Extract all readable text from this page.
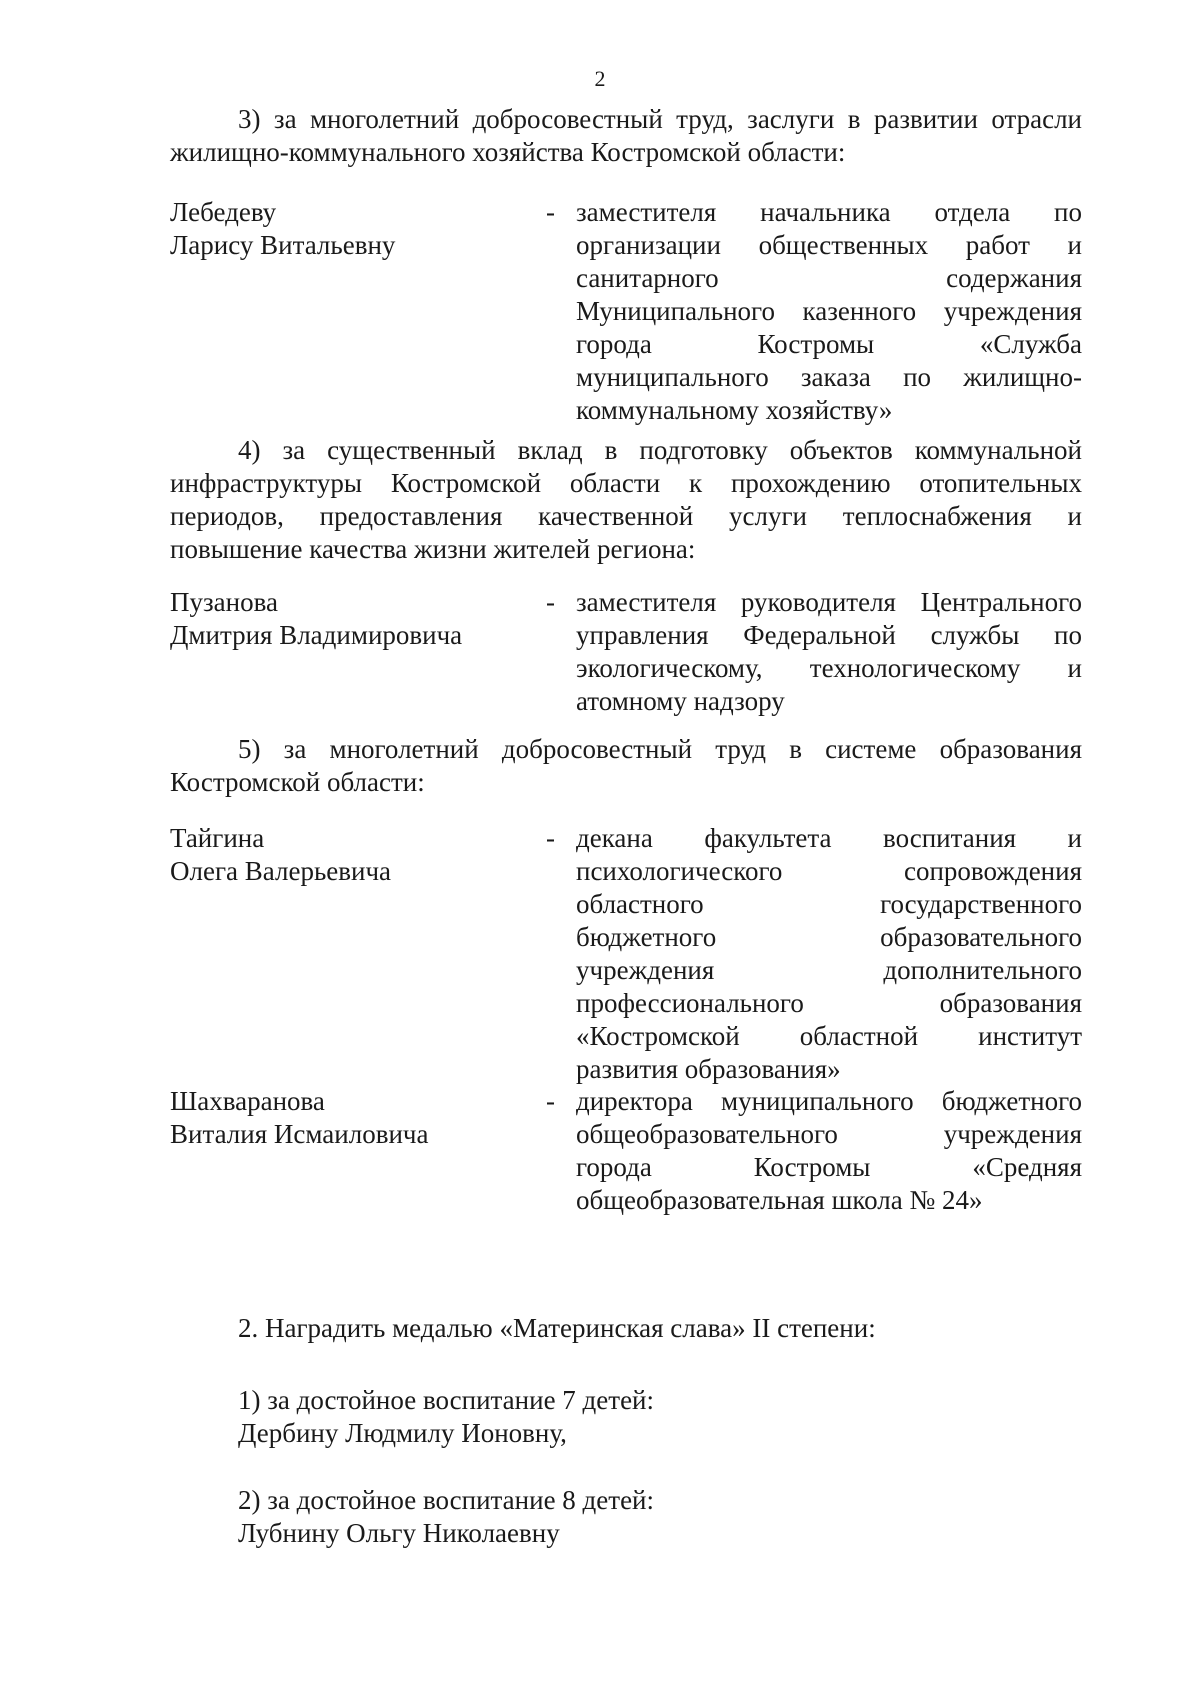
2
3) за многолетний добросовестный труд, заслуги в развитии отрасли
жилищно-коммунального хозяйства Костромской области:
Лебедеву
Ларису Витальевну
- заместителя начальника отдела по
организации общественных работ и
санитарного содержания
Муниципального казенного учреждения
города Костромы «Служба
муниципального заказа по жилищно-
коммунальному хозяйству»
4) за существенный вклад в подготовку объектов коммунальной
инфраструктуры Костромской области к прохождению отопительных
периодов, предоставления качественной услуги теплоснабжения и
повышение качества жизни жителей региона:
Пузанова
Дмитрия Владимировича
- заместителя руководителя Центрального
управления Федеральной службы по
экологическому, технологическому и
атомному надзору
5) за многолетний добросовестный труд в системе образования
Костромской области:
Тайгина
Олега Валерьевича
- декана факультета воспитания и
психологического сопровождения
областного государственного
бюджетного образовательного
учреждения дополнительного
профессионального образования
«Костромской областной институт
развития образования»
Шахваранова
Виталия Исмаиловича
- директора муниципального бюджетного
общеобразовательного учреждения
города Костромы «Средняя
общеобразовательная школа № 24»
2. Наградить медалью «Материнская слава» II степени:
1) за достойное воспитание 7 детей:
Дербину Людмилу Ионовну,
2) за достойное воспитание 8 детей:
Лубнину Ольгу Николаевну
